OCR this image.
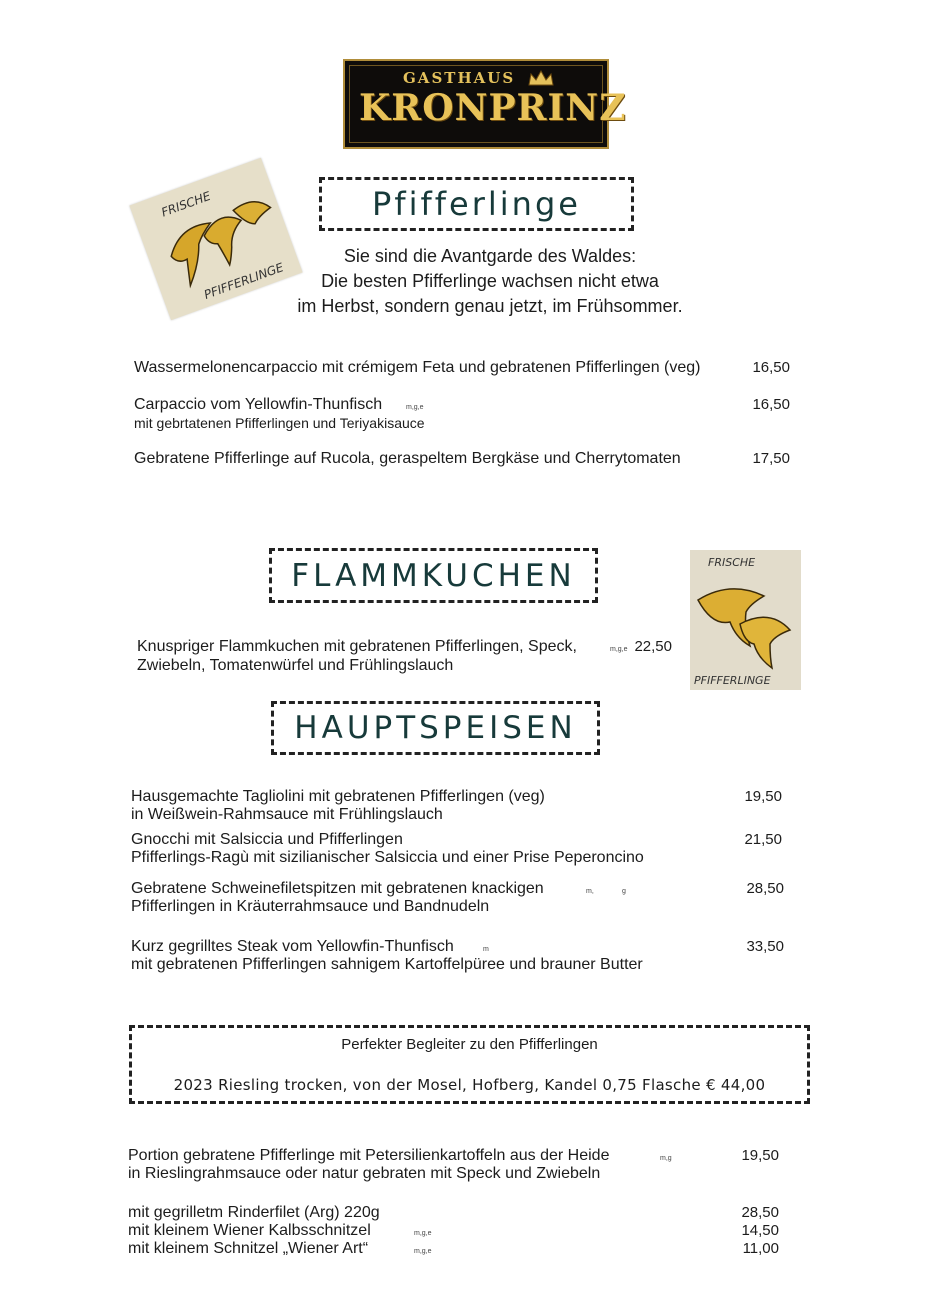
GASTHAUS
KRONPRINZ
FRISCHE
PFIFFERLINGE
Pfifferlinge
Sie sind die Avantgarde des Waldes:
Die besten Pfifferlinge wachsen nicht etwa
im Herbst, sondern genau jetzt, im Frühsommer.
Wassermelonencarpaccio mit crémigem Feta und gebratenen Pfifferlingen (veg)	16,50
Carpaccio vom Yellowfin-Thunfisch	m,g,e
mit gebrtatenen Pfifferlingen und Teriyakisauce
16,50
Gebratene Pfifferlinge auf Rucola, geraspeltem Bergkäse und Cherrytomaten	17,50
FLAMMKUCHEN	FRISCHE
PFIFFERLINGE
Knuspriger Flammkuchen mit gebratenen Pfifferlingen, Speck,	m,g,e 22,50
Zwiebeln, Tomatenwürfel und Frühlingslauch
HAUPTSPEISEN
Hausgemachte Tagliolini mit gebratenen Pfifferlingen (veg)
in Weißwein-Rahmsauce mit Frühlingslauch
19,50
Gnocchi mit Salsiccia und Pfifferlingen
Pfifferlings-Ragù mit sizilianischer Salsiccia und einer Prise Peperoncino
21,50
Gebratene Schweinefiletspitzen mit gebratenen knackigen	m,	g
Pfifferlingen in Kräuterrahmsauce und Bandnudeln
28,50
Kurz gegrilltes Steak vom Yellowfin-Thunfisch	m
mit gebratenen Pfifferlingen sahnigem Kartoffelpüree und brauner Butter
33,50
Perfekter Begleiter zu den Pfifferlingen
2023 Riesling trocken, von der Mosel, Hofberg, Kandel 0,75 Flasche € 44,00
Portion gebratene Pfifferlinge mit Petersilienkartoffeln aus der Heide	m,g
in Rieslingrahmsauce oder natur gebraten mit Speck und Zwiebeln
19,50
mit gegrilletm Rinderfilet (Arg) 220g	28,50
mit kleinem Wiener Kalbsschnitzel	m,g,e	14,50
mit kleinem Schnitzel „Wiener Art“	m,g,e	11,00
